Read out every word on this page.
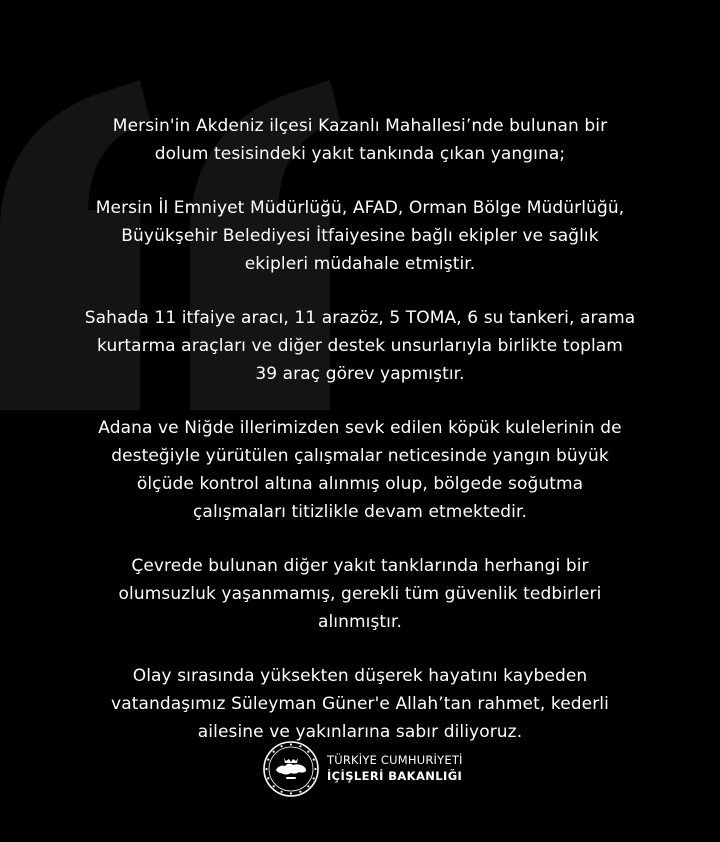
Mersin'in Akdeniz ilçesi Kazanlı Mahallesi’nde bulunan bir
dolum tesisindeki yakıt tankında çıkan yangına;

Mersin İl Emniyet Müdürlüğü, AFAD, Orman Bölge Müdürlüğü,
Büyükşehir Belediyesi İtfaiyesine bağlı ekipler ve sağlık
ekipleri müdahale etmiştir.

Sahada 11 itfaiye aracı, 11 arazöz, 5 TOMA, 6 su tankeri, arama
kurtarma araçları ve diğer destek unsurlarıyla birlikte toplam
39 araç görev yapmıştır.

Adana ve Niğde illerimizden sevk edilen köpük kulelerinin de
desteğiyle yürütülen çalışmalar neticesinde yangın büyük
ölçüde kontrol altına alınmış olup, bölgede soğutma
çalışmaları titizlikle devam etmektedir.

Çevrede bulunan diğer yakıt tanklarında herhangi bir
olumsuzluk yaşanmamış, gerekli tüm güvenlik tedbirleri
alınmıştır.

Olay sırasında yüksekten düşerek hayatını kaybeden
vatandaşımız Süleyman Güner'e Allah’tan rahmet, kederli
ailesine ve yakınlarına sabır diliyoruz.

TÜRKİYE CUMHURİYETİ
İÇİŞLERİ BAKANLIĞI
